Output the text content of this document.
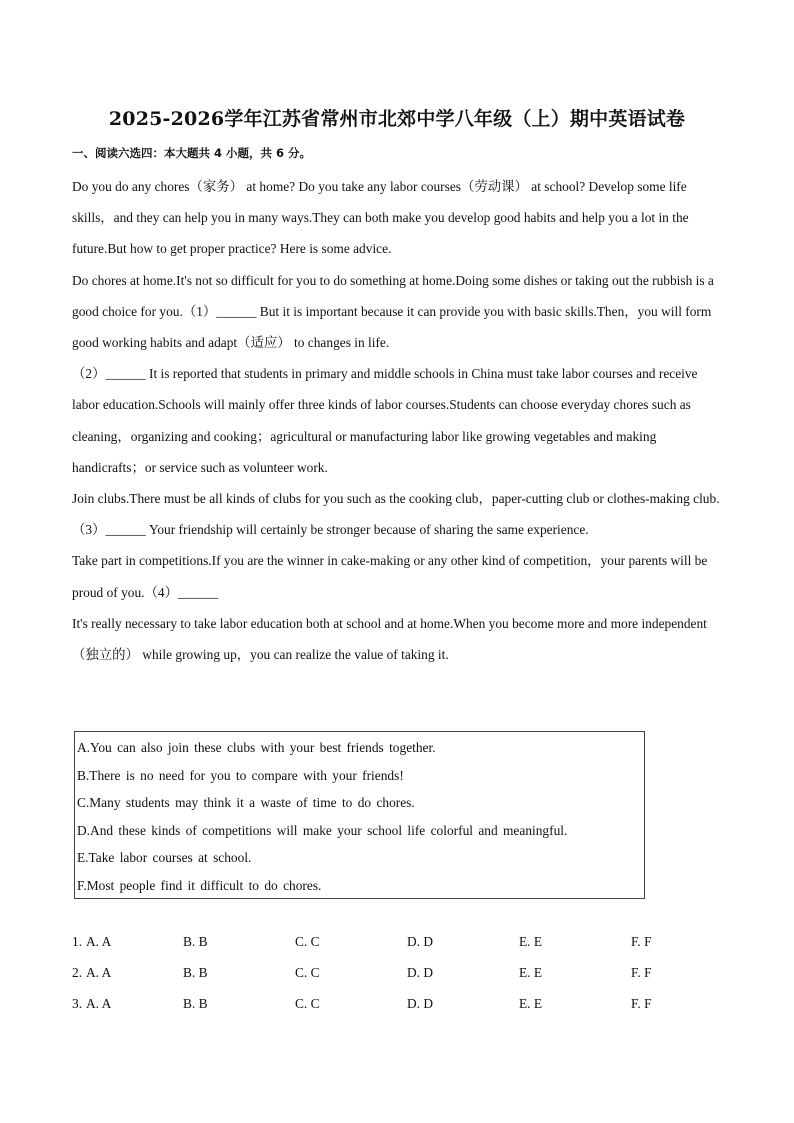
2025-2026学年江苏省常州市北郊中学八年级（上）期中英语试卷
一、阅读六选四：本大题共 4 小题，共 6 分。

Do you do any chores（家务） at home? Do you take any labor courses（劳动课） at school? Develop some life skills，and they can help you in many ways.They can both make you develop good habits and help you a lot in the future.But how to get proper practice? Here is some advice.

Do chores at home.It's not so difficult for you to do something at home.Doing some dishes or taking out the rubbish is a good choice for you.（1）______ But it is important because it can provide you with basic skills.Then，you will form good working habits and adapt（适应） to changes in life.

（2）______ It is reported that students in primary and middle schools in China must take labor courses and receive labor education.Schools will mainly offer three kinds of labor courses.Students can choose everyday chores such as cleaning，organizing and cooking；agricultural or manufacturing labor like growing vegetables and making handicrafts；or service such as volunteer work.

Join clubs.There must be all kinds of clubs for you such as the cooking club，paper-cutting club or clothes-making club.（3）______ Your friendship will certainly be stronger because of sharing the same experience.

Take part in competitions.If you are the winner in cake-making or any other kind of competition，your parents will be proud of you.（4）______

It's really necessary to take labor education both at school and at home.When you become more and more independent（独立的） while growing up，you can realize the value of taking it.

A.You can also join these clubs with your best friends together.
B.There is no need for you to compare with your friends!
C.Many students may think it a waste of time to do chores.
D.And these kinds of competitions will make your school life colorful and meaningful.
E.Take labor courses at school.
F.Most people find it difficult to do chores.
1. A. A	B. B	C. C	D. D	E. E	F. F
2. A. A	B. B	C. C	D. D	E. E	F. F
3. A. A	B. B	C. C	D. D	E. E	F. F
